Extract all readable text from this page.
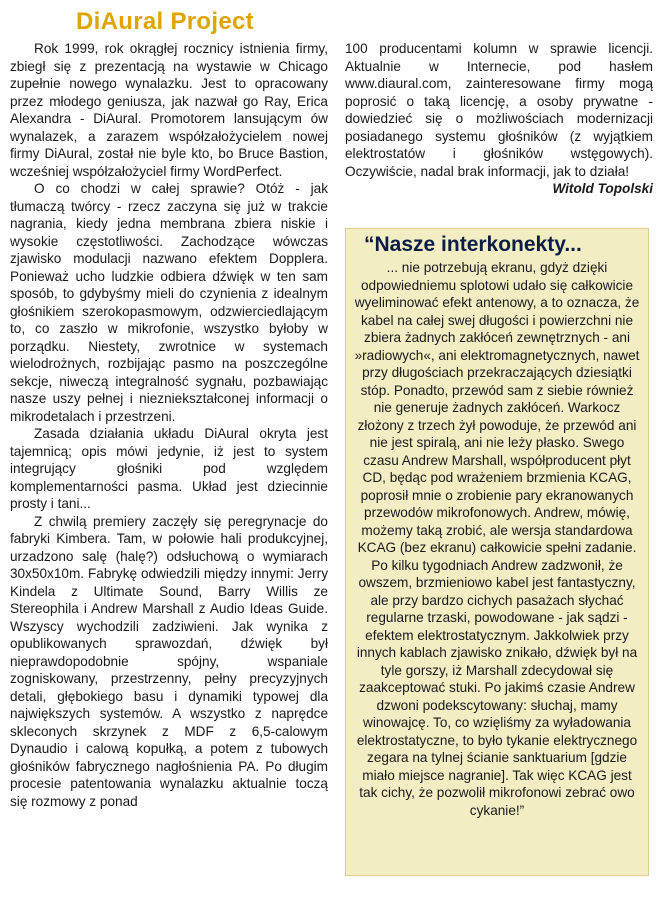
DiAural Project

Rok 1999, rok okrągłej rocznicy istnienia firmy, zbiegł się z prezentacją na wystawie w Chicago zupełnie nowego wynalazku. Jest to opracowany przez młodego geniusza, jak nazwał go Ray, Erica Alexandra - DiAural. Promotorem lansującym ów wynalazek, a zarazem współzałożycielem nowej firmy DiAural, został nie byle kto, bo Bruce Bastion, wcześniej współzałożyciel firmy WordPerfect.

O co chodzi w całej sprawie? Otóż - jak tłumaczą twórcy - rzecz zaczyna się już w trakcie nagrania, kiedy jedna membrana zbiera niskie i wysokie częstotliwości. Zachodzące wówczas zjawisko modulacji nazwano efektem Dopplera. Ponieważ ucho ludzkie odbiera dźwięk w ten sam sposób, to gdybyśmy mieli do czynienia z idealnym głośnikiem szerokopasmowym, odzwierciedlającym to, co zaszło w mikrofonie, wszystko byłoby w porządku. Niestety, zwrotnice w systemach wielodrożnych, rozbijając pasmo na poszczególne sekcje, niweczą integralność sygnału, pozbawiając nasze uszy pełnej i niezniekształconej informacji o mikrodetalach i przestrzeni.

Zasada działania układu DiAural okryta jest tajemnicą; opis mówi jedynie, iż jest to system integrujący głośniki pod względem komplementarności pasma. Układ jest dziecinnie prosty i tani...

Z chwilą premiery zaczęły się peregrynacje do fabryki Kimbera. Tam, w połowie hali produkcyjnej, urzadzono salę (halę?) odsłuchową o wymiarach 30x50x10m. Fabrykę odwiedzili między innymi: Jerry Kindela z Ultimate Sound, Barry Willis ze Stereophila i Andrew Marshall z Audio Ideas Guide. Wszyscy wychodzili zadziwieni. Jak wynika z opublikowanych sprawozdań, dźwięk był nieprawdopodobnie spójny, wspaniale zogniskowany, przestrzenny, pełny precyzyjnych detali, głębokiego basu i dynamiki typowej dla największych systemów. A wszystko z naprędce skleconych skrzynek z MDF z 6,5-calowym Dynaudio i calową kopułką, a potem z tubowych głośników fabrycznego nagłośnienia PA. Po długim procesie patentowania wynalazku aktualnie toczą się rozmowy z ponad

100 producentami kolumn w sprawie licencji. Aktualnie w Internecie, pod hasłem www.diaural.com, zainteresowane firmy mogą poprosić o taką licencję, a osoby prywatne - dowiedzieć się o możliwościach modernizacji posiadanego systemu głośników (z wyjątkiem elektrostatów i głośników wstęgowych). Oczywiście, nadal brak informacji, jak to działa!

Witold Topolski
“Nasze interkonekty...

... nie potrzebują ekranu, gdyż dzięki odpowiedniemu splotowi udało się całkowicie wyeliminować efekt antenowy, a to oznacza, że kabel na całej swej długości i powierzchni nie zbiera żadnych zakłóceń zewnętrznych - ani »radiowych«, ani elektromagnetycznych, nawet przy długościach przekraczających dziesiątki stóp. Ponadto, przewód sam z siebie również nie generuje żadnych zakłóceń. Warkocz złożony z trzech żył powoduje, że przewód ani nie jest spiralą, ani nie leży płasko. Swego czasu Andrew Marshall, współproducent płyt CD, będąc pod wrażeniem brzmienia KCAG, poprosił mnie o zrobienie pary ekranowanych przewodów mikrofonowych. Andrew, mówię, możemy taką zrobić, ale wersja standardowa KCAG (bez ekranu) całkowicie spełni zadanie. Po kilku tygodniach Andrew zadzwonił, że owszem, brzmieniowo kabel jest fantastyczny, ale przy bardzo cichych pasażach słychać regularne trzaski, powodowane - jak sądzi - efektem elektrostatycznym. Jakkolwiek przy innych kablach zjawisko znikało, dźwięk był na tyle gorszy, iż Marshall zdecydował się zaakceptować stuki. Po jakimś czasie Andrew dzwoni podekscytowany: słuchaj, mamy winowajcę. To, co wzięliśmy za wyładowania elektrostatyczne, to było tykanie elektrycznego zegara na tylnej ścianie sanktuarium [gdzie miało miejsce nagranie]. Tak więc KCAG jest tak cichy, że pozwolił mikrofonowi zebrać owo cykanie!”
